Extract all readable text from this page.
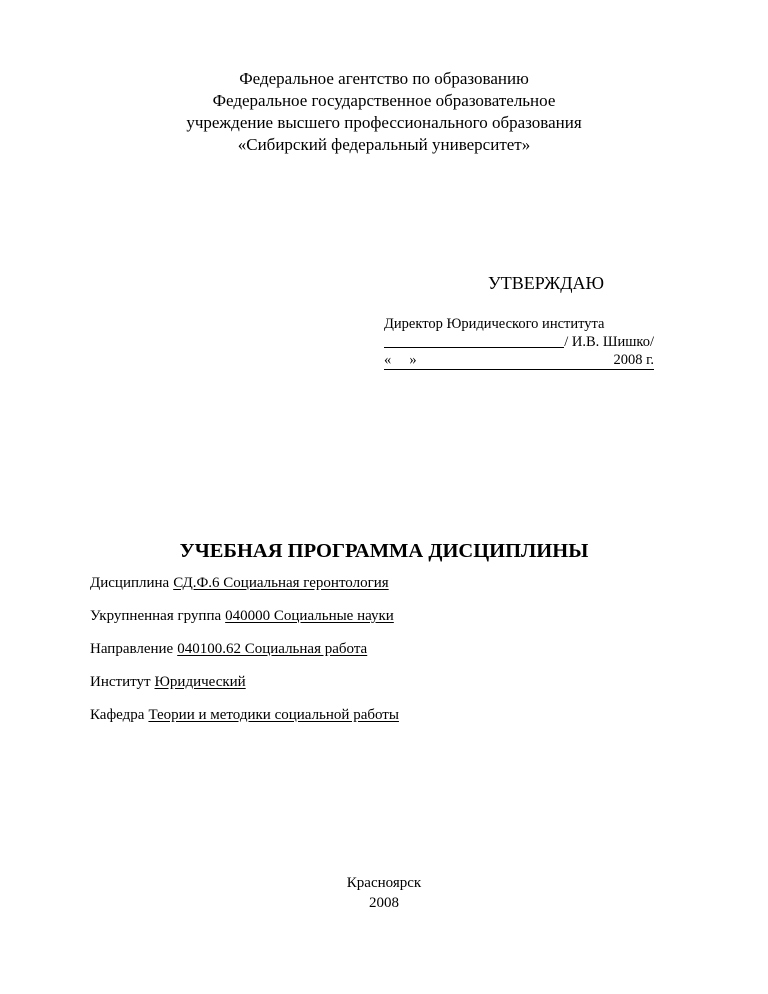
Федеральное агентство по образованию
Федеральное государственное образовательное
учреждение высшего профессионального образования
«Сибирский федеральный университет»
УТВЕРЖДАЮ
Директор Юридического института
/ И.В. Шишко/
« »	2008 г.
УЧЕБНАЯ ПРОГРАММА ДИСЦИПЛИНЫ
Дисциплина СД.Ф.6 Социальная геронтология
Укрупненная группа 040000 Социальные науки
Направление 040100.62 Социальная работа
Институт Юридический
Кафедра Теории и методики социальной работы
Красноярск
2008
